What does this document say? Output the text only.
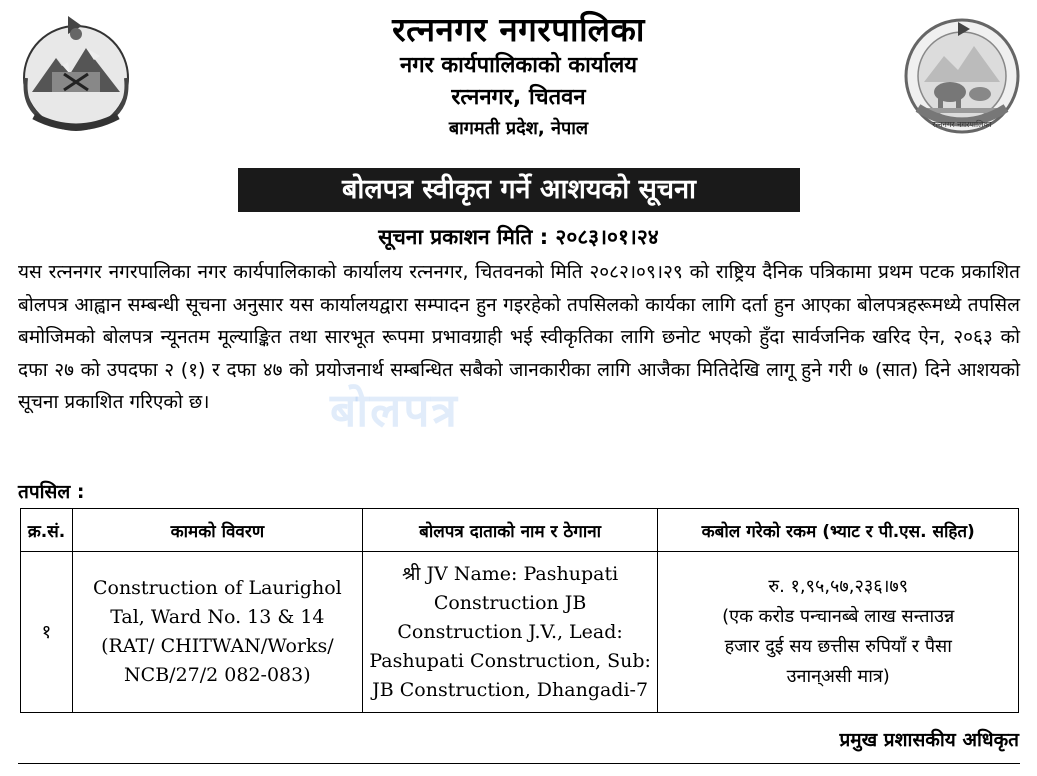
रत्ननगर नगरपालिका
रत्ननगर नगरपालिका
नगर कार्यपालिकाको कार्यालय
रत्ननगर, चितवन
बागमती प्रदेश, नेपाल
बोलपत्र स्वीकृत गर्ने आशयको सूचना
सूचना प्रकाशन मिति : २०८३।०१।२४
यस रत्ननगर नगरपालिका नगर कार्यपालिकाको कार्यालय रत्ननगर, चितवनको मिति २०८२।०९।२९ को राष्ट्रिय दैनिक पत्रिकामा प्रथम पटक प्रकाशित बोलपत्र आह्वान सम्बन्धी सूचना अनुसार यस कार्यालयद्वारा सम्पादन हुन गइरहेको तपसिलको कार्यका लागि दर्ता हुन आएका बोलपत्रहरूमध्ये तपसिल बमोजिमको बोलपत्र न्यूनतम मूल्याङ्कित तथा सारभूत रूपमा प्रभावग्राही भई स्वीकृतिका लागि छनोट भएको हुँदा सार्वजनिक खरिद ऐन, २०६३ को दफा २७ को उपदफा २ (१) र दफा ४७ को प्रयोजनार्थ सम्बन्धित सबैको जानकारीका लागि आजैका मितिदेखि लागू हुने गरी ७ (सात) दिने आशयको सूचना प्रकाशित गरिएको छ।	बोलपत्र
तपसिल :
क्र.सं.	कामको विवरण	बोलपत्र दाताको नाम र ठेगाना	कबोल गरेको रकम (भ्याट र पी.एस. सहित)
१	Construction of Laurighol
Tal, Ward No. 13 & 14
(RAT/ CHITWAN/Works/
NCB/27/2 082-083)	श्री JV Name: Pashupati
Construction JB
Construction J.V., Lead:
Pashupati Construction, Sub:
JB Construction, Dhangadi-7	रु. १,९५,५७,२३६।७९
(एक करोड पन्चानब्बे लाख सन्ताउन्न
हजार दुई सय छत्तीस रुपियाँ र पैसा
उनान्असी मात्र)
प्रमुख प्रशासकीय अधिकृत
